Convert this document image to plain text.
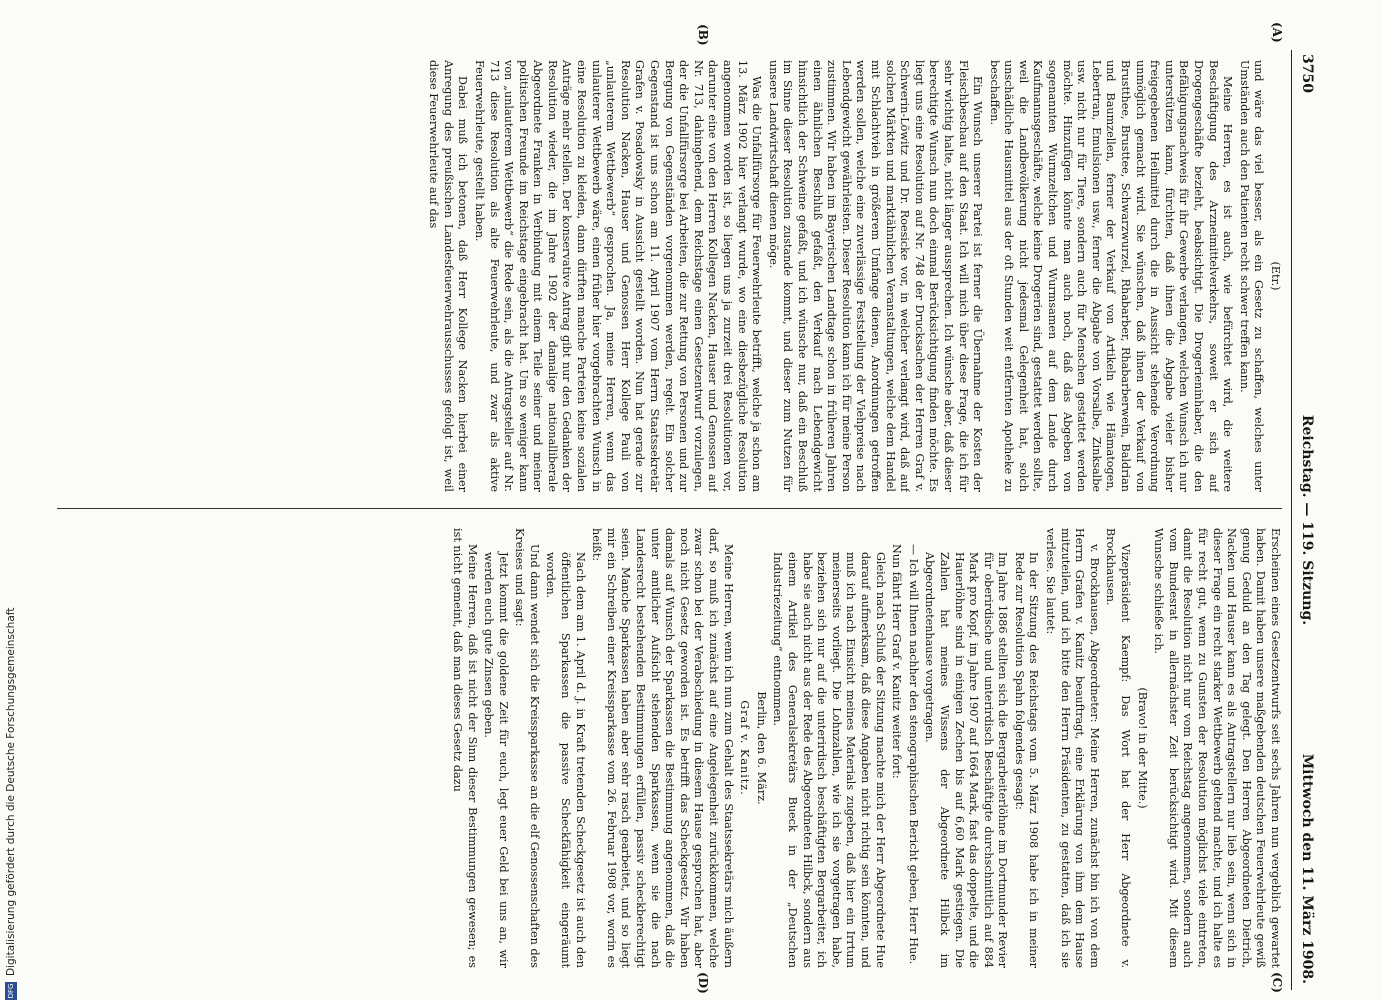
3750
Reichstag. — 119. Sitzung.
Mittwoch den 11. März 1908.
(A)
(B)
(C)
(D)

(Etr.)

und wäre das viel besser, als ein Gesetz zu schaffen, welches unter Umständen auch den Patienten recht schwer treffen kann.

Meine Herren, es ist auch, wie befürchtet wird, die weitere Beschäftigung des Arzneimittelverkehrs, soweit er sich auf Drogengeschäfte bezieht, beabsichtigt. Die Drogerieninhaber, die den Befähigungsnachweis für ihr Gewerbe verlangen, welchen Wunsch ich nur unterstützen kann, fürchten, daß ihnen die Abgabe vieler bisher freigegebenen Heilmittel durch die in Aussicht stehende Verordnung unmöglich gemacht wird. Sie wünschen, daß ihnen der Verkauf von Brustthee, Brusttee, Schwarzwurzel, Rhabarber, Rhabarberwein, Baldrian und Baumzellen, ferner der Verkauf von Artikeln wie Hämatogen, Lebertran, Emulsionen usw., ferner die Abgabe von Vorsalbe, Zinksalbe usw. nicht nur für Tiere, sondern auch für Menschen gestattet werden möchte. Hinzufügen könnte man auch noch, daß das Abgeben von sogenannten Wurmzeltchen und Wurmsamen auf dem Lande durch Kaufmannsgeschäfte, welche keine Drogerien sind, gestattet werden sollte, weil die Landbevölkerung nicht jedesmal Gelegenheit hat, solch unschädliche Hausmittel aus der oft Stunden weit entfernten Apotheke zu beschaffen.

Ein Wunsch unserer Partei ist ferner die Übernahme der Kosten der Fleischbeschau auf den Staat. Ich will mich über diese Frage, die ich für sehr wichtig halte, nicht länger aussprechen. Ich wünsche aber, daß dieser berechtigte Wunsch nun doch einmal Berücksichtigung finden möchte. Es liegt uns eine Resolution auf Nr. 748 der Drucksachen der Herren Graf v. Schwerin-Löwitz und Dr. Roesicke vor, in welcher verlangt wird, daß auf solchen Märkten und marktähnlichen Veranstaltungen, welche dem Handel mit Schlachtvieh in größerem Umfange dienen, Anordnungen getroffen werden sollen, welche eine zuverlässige Feststellung der Viehpreise nach Lebendgewicht gewährleisten. Dieser Resolution kann ich für meine Person zustimmen. Wir haben im Bayerischen Landtage schon in früheren Jahren einen ähnlichen Beschluß gefaßt, den Verkauf nach Lebendgewicht hinsichtlich der Schweine gefaßt, und ich wünsche nur, daß ein Beschluß im Sinne dieser Resolution zustande kommt, und dieser zum Nutzen für unsere Landwirtschaft dienen möge.

Was die Unfallfürsorge für Feuerwehrleute betrifft, welche ja schon am 13. März 1902 hier verlangt wurde, wo eine diesbezügliche Resolution angenommen worden ist, so liegen uns ja zurzeit drei Resolutionen vor, darunter eine von den Herren Kollegen Nacken, Hauser und Genossen auf Nr. 713, dahingehend, dem Reichstage einen Gesetzentwurf vorzulegen, der die Unfallfürsorge bei Arbeiten, die zur Rettung von Personen und zur Bergung von Gegenständen vorgenommen werden, regelt. Ein solcher Gegenstand ist uns schon am 11. April 1907 vom Herrn Staatssekretär Grafen v. Posadowsky in Aussicht gestellt worden. Nun hat gerade zur Resolution Nacken, Hauser und Genossen Herr Kollege Pauli von „unlauterem Wettbewerb“ gesprochen. Ja, meine Herren, wenn das unlauterer Wettbewerb wäre, einen früher hier vorgebrachten Wunsch in eine Resolution zu kleiden, dann dürften manche Parteien keine sozialen Anträge mehr stellen. Der konservative Antrag gibt nur den Gedanken der Resolution wieder, die im Jahre 1902 der damalige nationalliberale Abgeordnete Franken in Verbindung mit einem Teile seiner und meiner politischen Freunde im Reichstage eingebracht hat. Um so weniger kann von „unlauterem Wettbewerb“ die Rede sein, als die Antragsteller auf Nr. 713 diese Resolution als alte Feuerwehrleute, und zwar als aktive Feuerwehrleute, gestellt haben.

Dabei muß ich betonen, daß Herr Kollege Nacken hierbei einer Anregung des preußischen Landesfeuerwehrausschusses gefolgt ist, weil diese Feuerwehrleute auf das

Erscheinen eines Gesetzentwurfs seit sechs Jahren nun vergeblich gewartet haben. Damit haben unsere maßgebenden deutschen Feuerwehrleute gewiß genug Geduld an den Tag gelegt. Den Herren Abgeordneten Dietrich, Nacken und Hauser kann es als Antragstellern nur lieb sein, wenn sich in dieser Frage ein recht starker Wettbewerb geltend machte, und ich halte es für recht gut, wenn zu Gunsten der Resolution möglichst viele eintreten, damit die Resolution nicht nur vom Reichstag angenommen, sondern auch vom Bundesrat in allernächster Zeit berücksichtigt wird. Mit diesem Wunsche schließe ich.

(Bravo! in der Mitte.)

Vizepräsident Kaempf: Das Wort hat der Herr Abgeordnete v. Brockhausen.

v. Brockhausen, Abgeordneter: Meine Herren, zunächst bin ich von dem Herrn Grafen v. Kanitz beauftragt, eine Erklärung von ihm dem Hause mitzuteilen, und ich bitte den Herrn Präsidenten, zu gestatten, daß ich sie verlese. Sie lautet:

In der Sitzung des Reichstags vom 5. März 1908 habe ich in meiner Rede zur Resolution Spahn folgendes gesagt:

Im Jahre 1886 stellten sich die Bergarbeiterlöhne im Dortmunder Revier für oberirdische und unterirdisch Beschäftigte durchschnittlich auf 884 Mark pro Kopf, im Jahre 1907 auf 1664 Mark, fast das doppelte, und die Hauerlöhne sind in einigen Zechen bis auf 6,60 Mark gestiegen. Die Zahlen hat meines Wissens der Abgeordnete Hilbck im Abgeordnetenhause vorgetragen.

— Ich will Ihnen nachher den stenographischen Bericht geben, Herr Hue.

Nun fährt Herr Graf v. Kanitz weiter fort:

Gleich nach Schluß der Sitzung machte mich der Herr Abgeordnete Hue darauf aufmerksam, daß diese Angaben nicht richtig sein könnten, und muß ich nach Einsicht meines Materials zugeben, daß hier ein Irrtum meinerseits vorliegt. Die Lohnzahlen, wie ich sie vorgetragen habe, beziehen sich nur auf die unterirdisch beschäftigten Bergarbeiter, ich habe sie auch nicht aus der Rede des Abgeordneten Hilbck, sondern aus einem Artikel des Generalsekretärs Bueck in der „Deutschen Industriezeitung“ entnommen.

Berlin, den 6. März.

Graf v. Kanitz.

Meine Herren, wenn ich nun zum Gehalt des Staatssekretärs mich äußern darf, so muß ich zunächst auf eine Angelegenheit zurückkommen, welche zwar schon bei der Verabschiedung in diesem Hause gesprochen hat, aber noch nicht Gesetz geworden ist. Es betrifft das Scheckgesetz. Wir haben damals auf Wunsch der Sparkassen die Bestimmung angenommen, daß die unter amtlicher Aufsicht stehenden Sparkassen, wenn sie die nach Landesrecht bestehenden Bestimmungen erfüllen, passiv scheckberechtigt seien. Manche Sparkassen haben aber sehr rasch gearbeitet, und so liegt mir ein Schreiben einer Kreissparkasse vom 26. Februar 1908 vor, worin es heißt:

Nach dem am 1. April d. J. in Kraft tretenden Scheckgesetz ist auch den öffentlichen Sparkassen die passive Scheckfähigkeit eingeräumt worden.

Und dann wendet sich die Kreissparkasse an die elf Genossenschaften des Kreises und sagt:

Jetzt kommt die goldene Zeit für euch, legt euer Geld bei uns an, wir werden euch gute Zinsen geben.

Meine Herren, daß ist nicht der Sinn dieser Bestimmungen gewesen; es ist nicht gemeint, daß man dieses Gesetz dazu

DFGDigitalisierung gefördert durch die Deutsche Forschungsgemeinschaft
